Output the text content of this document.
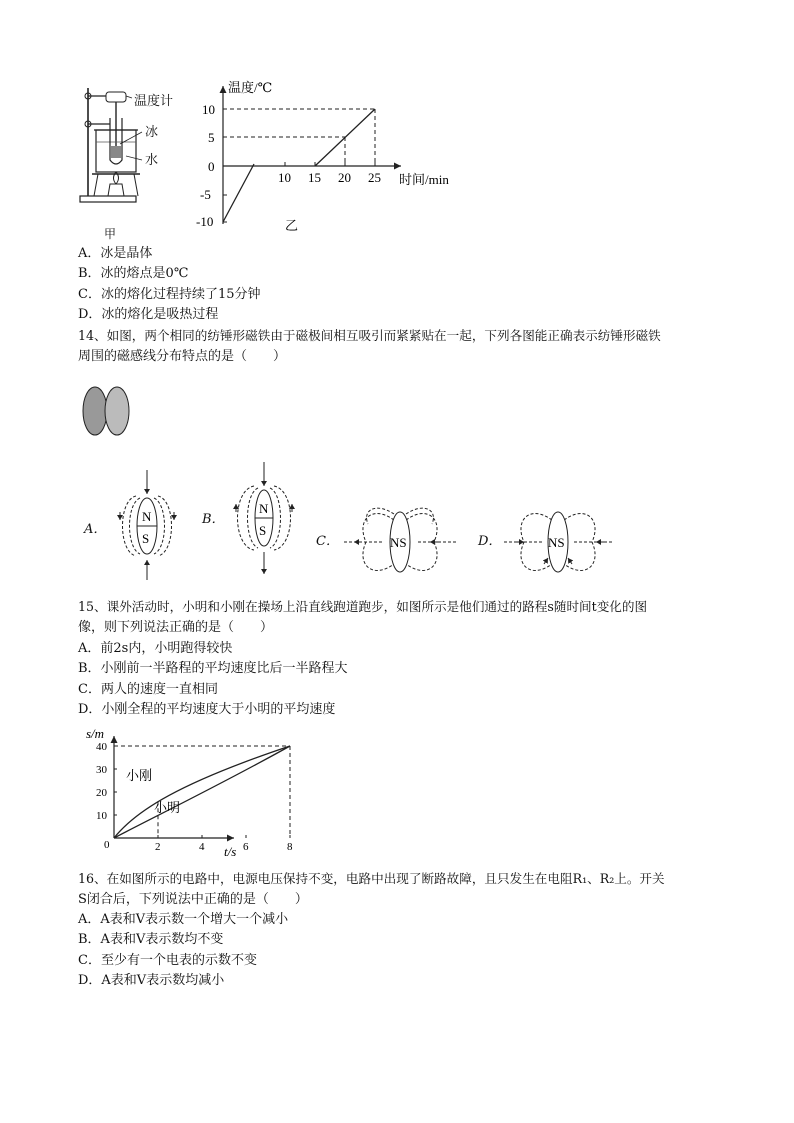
温度计
冰
水
甲
温度/℃
时间/min
10
5
0
-5
-10
10 15 20 25
乙
A．冰是晶体
B．冰的熔点是0℃
C．冰的熔化过程持续了15分钟
D．冰的熔化是吸热过程
14、如图，两个相同的纺锤形磁铁由于磁极间相互吸引而紧紧贴在一起，下列各图能正确表示纺锤形磁铁
周围的磁感线分布特点的是（　　）
A．
N
S
B．
N
S
C．	NS	D．	NS
15、课外活动时，小明和小刚在操场上沿直线跑道跑步，如图所示是他们通过的路程s随时间t变化的图
像，则下列说法正确的是（　　）
A．前2s内，小明跑得较快
B．小刚前一半路程的平均速度比后一半路程大
C．两人的速度一直相同
D．小刚全程的平均速度大于小明的平均速度
2	4	6	8
10
20
30
40
s/m
t/s
0
小刚
小明
16、在如图所示的电路中，电源电压保持不变，电路中出现了断路故障，且只发生在电阻R₁、R₂上。开关
S闭合后，下列说法中正确的是（　　）
A．A表和V表示数一个增大一个减小
B．A表和V表示数均不变
C．至少有一个电表的示数不变
D．A表和V表示数均减小
